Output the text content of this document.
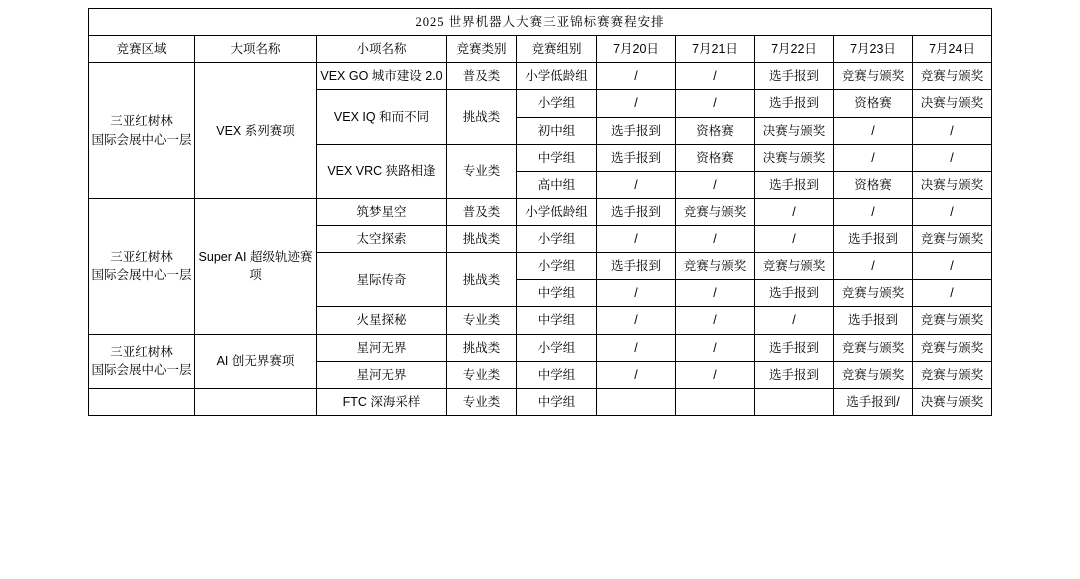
2025 世界机器人大赛三亚锦标赛赛程安排									
竞赛区域	大项名称	小项名称	竞赛类别	竞赛组别	7月20日	7月21日	7月22日	7月23日	7月24日

三亚红树林
国际会展中心一层	VEX 系列赛项	VEX GO 城市建设 2.0	普及类	小学低龄组	/	/	选手报到	竞赛与颁奖	竞赛与颁奖
		VEX IQ 和而不同	挑战类	小学组	/	/	选手报到	资格赛	决赛与颁奖
				初中组	选手报到	资格赛	决赛与颁奖	/	/
		VEX VRC 狭路相逢	专业类	中学组	选手报到	资格赛	决赛与颁奖	/	/
				高中组	/	/	选手报到	资格赛	决赛与颁奖

三亚红树林
国际会展中心一层	Super AI 超级轨迹赛项	筑梦星空	普及类	小学低龄组	选手报到	竞赛与颁奖	/	/	/
		太空探索	挑战类	小学组	/	/	/	选手报到	竞赛与颁奖
		星际传奇	挑战类	小学组	选手报到	竞赛与颁奖	竞赛与颁奖	/	/
				中学组	/	/	选手报到	竞赛与颁奖	/
		火星探秘	专业类	中学组	/	/	/	选手报到	竞赛与颁奖

三亚红树林
国际会展中心一层	AI 创无界赛项	星河无界	挑战类	小学组	/	/	选手报到	竞赛与颁奖	竞赛与颁奖
		星河无界	专业类	中学组	/	/	选手报到	竞赛与颁奖	竞赛与颁奖

		FTC 深海采样	专业类	中学组				选手报到/	决赛与颁奖
